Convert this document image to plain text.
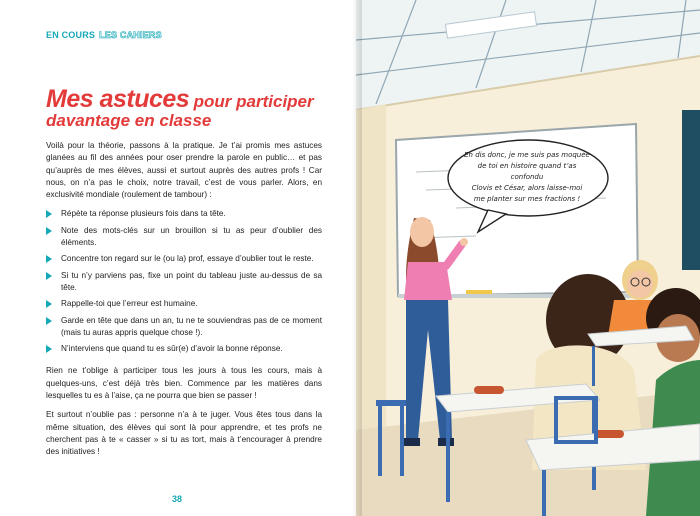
EN COURS LES CAHIERS
Mes astuces pour participer
davantage en classe

Voilà pour la théorie, passons à la pratique. Je t’ai promis mes astuces glanées au fil des années pour oser prendre la parole en public… et pas qu’auprès de mes élèves, aussi et surtout auprès des autres profs ! Car nous, on n’a pas le choix, notre travail, c’est de vous parler. Alors, en exclusivité mondiale (roulement de tambour) :

Répète ta réponse plusieurs fois dans ta tête.
Note des mots-clés sur un brouillon si tu as peur d’oublier des éléments.
Concentre ton regard sur le (ou la) prof, essaye d’oublier tout le reste.
Si tu n’y parviens pas, fixe un point du tableau juste au-dessus de sa tête.
Rappelle-toi que l’erreur est humaine.
Garde en tête que dans un an, tu ne te souviendras pas de ce moment (mais tu auras appris quelque chose !).
N’interviens que quand tu es sûr(e) d’avoir la bonne réponse.

Rien ne t’oblige à participer tous les jours à tous les cours, mais à quelques-uns, c’est déjà très bien. Commence par les matières dans lesquelles tu es à l’aise, ça ne pourra que bien se passer !

Et surtout n’oublie pas : personne n’a à te juger. Vous êtes tous dans la même situation, des élèves qui sont là pour apprendre, et tes profs ne cherchent pas à te « casser » si tu as tort, mais à t’encourager à prendre des initiatives !

38
Eh dis donc, je me suis pas moquée
de toi en histoire quand t’as confondu
Clovis et César, alors laisse-moi
me planter sur mes fractions !
